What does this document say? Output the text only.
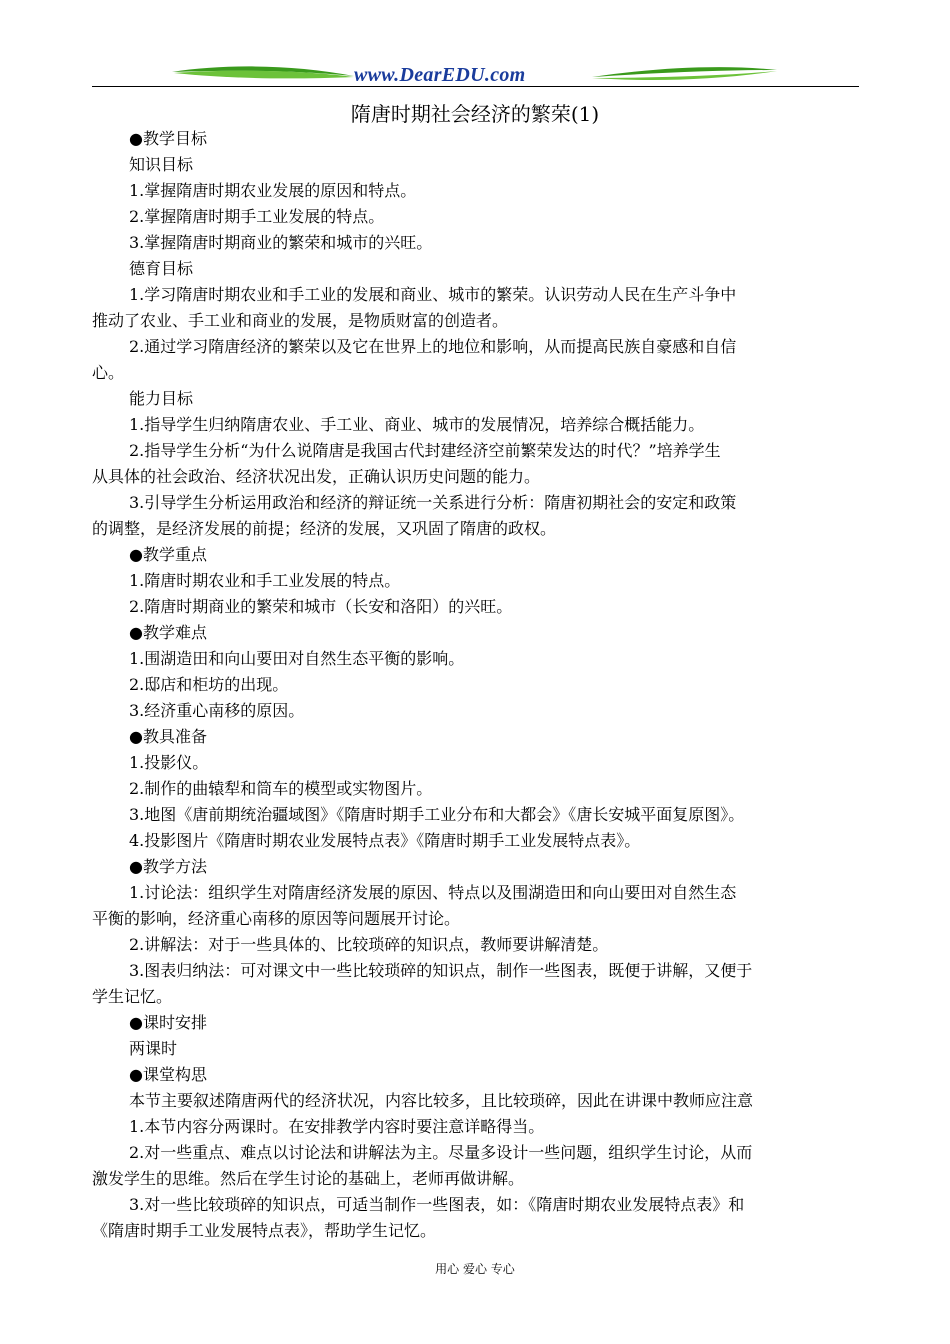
www.DearEDU.com
隋唐时期社会经济的繁荣(1)
●教学目标
知识目标
1.掌握隋唐时期农业发展的原因和特点。
2.掌握隋唐时期手工业发展的特点。
3.掌握隋唐时期商业的繁荣和城市的兴旺。
德育目标
1.学习隋唐时期农业和手工业的发展和商业、城市的繁荣。认识劳动人民在生产斗争中
推动了农业、手工业和商业的发展，是物质财富的创造者。
2.通过学习隋唐经济的繁荣以及它在世界上的地位和影响，从而提高民族自豪感和自信
心。
能力目标
1.指导学生归纳隋唐农业、手工业、商业、城市的发展情况，培养综合概括能力。
2.指导学生分析“为什么说隋唐是我国古代封建经济空前繁荣发达的时代？”培养学生
从具体的社会政治、经济状况出发，正确认识历史问题的能力。
3.引导学生分析运用政治和经济的辩证统一关系进行分析：隋唐初期社会的安定和政策
的调整，是经济发展的前提；经济的发展，又巩固了隋唐的政权。
●教学重点
1.隋唐时期农业和手工业发展的特点。
2.隋唐时期商业的繁荣和城市（长安和洛阳）的兴旺。
●教学难点
1.围湖造田和向山要田对自然生态平衡的影响。
2.邸店和柜坊的出现。
3.经济重心南移的原因。
●教具准备
1.投影仪。
2.制作的曲辕犁和筒车的模型或实物图片。
3.地图《唐前期统治疆域图》《隋唐时期手工业分布和大都会》《唐长安城平面复原图》。
4.投影图片《隋唐时期农业发展特点表》《隋唐时期手工业发展特点表》。
●教学方法
1.讨论法：组织学生对隋唐经济发展的原因、特点以及围湖造田和向山要田对自然生态
平衡的影响，经济重心南移的原因等问题展开讨论。
2.讲解法：对于一些具体的、比较琐碎的知识点，教师要讲解清楚。
3.图表归纳法：可对课文中一些比较琐碎的知识点，制作一些图表，既便于讲解，又便于
学生记忆。
●课时安排
两课时
●课堂构思
本节主要叙述隋唐两代的经济状况，内容比较多，且比较琐碎，因此在讲课中教师应注意
1.本节内容分两课时。在安排教学内容时要注意详略得当。
2.对一些重点、难点以讨论法和讲解法为主。尽量多设计一些问题，组织学生讨论，从而
激发学生的思维。然后在学生讨论的基础上，老师再做讲解。
3.对一些比较琐碎的知识点，可适当制作一些图表，如：《隋唐时期农业发展特点表》和
《隋唐时期手工业发展特点表》，帮助学生记忆。
用心 爱心 专心
